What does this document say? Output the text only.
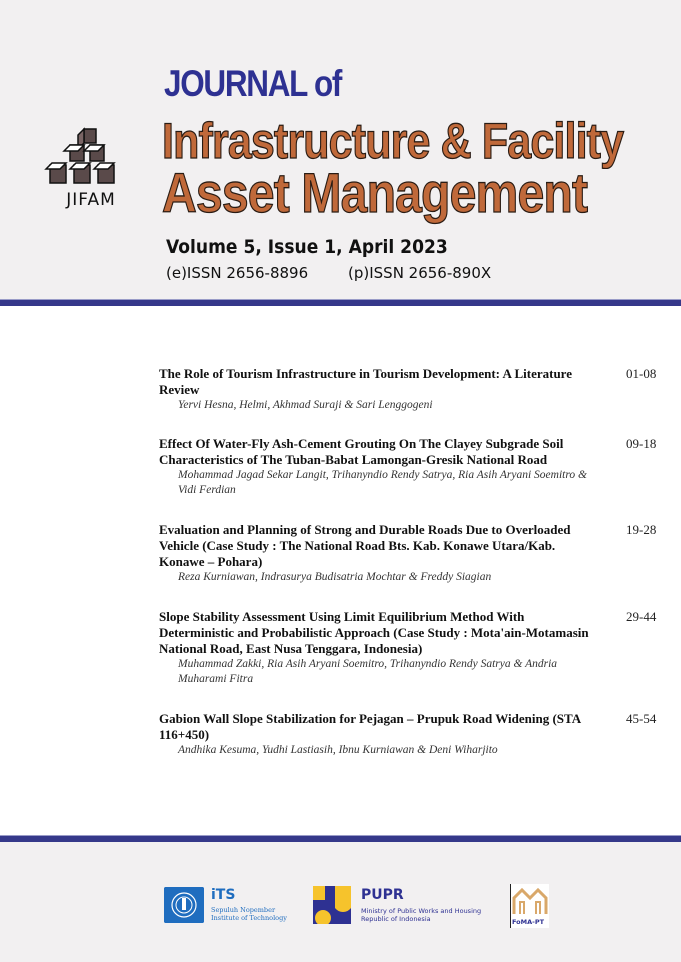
JIFAM
JOURNAL of
Infrastructure & Facility
Asset Management
Volume 5, Issue 1, April 2023
(e)ISSN 2656-8896	(p)ISSN 2656-890X
The Role of Tourism Infrastructure in Tourism Development: A Literature Review
Yervi Hesna, Helmi, Akhmad Suraji & Sari Lenggogeni
01-08
Effect Of Water-Fly Ash-Cement Grouting On The Clayey Subgrade Soil Characteristics of The Tuban-Babat Lamongan-Gresik National Road
Mohammad Jagad Sekar Langit, Trihanyndio Rendy Satrya, Ria Asih Aryani Soemitro & Vidi Ferdian
09-18
Evaluation and Planning of Strong and Durable Roads Due to Overloaded Vehicle (Case Study : The National Road Bts. Kab. Konawe Utara/Kab. Konawe – Pohara)
Reza Kurniawan, Indrasurya Budisatria Mochtar & Freddy Siagian
19-28
Slope Stability Assessment Using Limit Equilibrium Method With Deterministic and Probabilistic Approach (Case Study : Mota'ain-Motamasin National Road, East Nusa Tenggara, Indonesia)
Muhammad Zakki, Ria Asih Aryani Soemitro, Trihanyndio Rendy Satrya & Andria Muharami Fitra
29-44
Gabion Wall Slope Stabilization for Pejagan – Prupuk Road Widening (STA 116+450)
Andhika Kesuma, Yudhi Lastiasih, Ibnu Kurniawan & Deni Wiharjito
45-54
iTS
Sepuluh Nopember
Institute of Technology
PUPR
Ministry of Public Works and Housing
Republic of Indonesia	FoMA-PT
